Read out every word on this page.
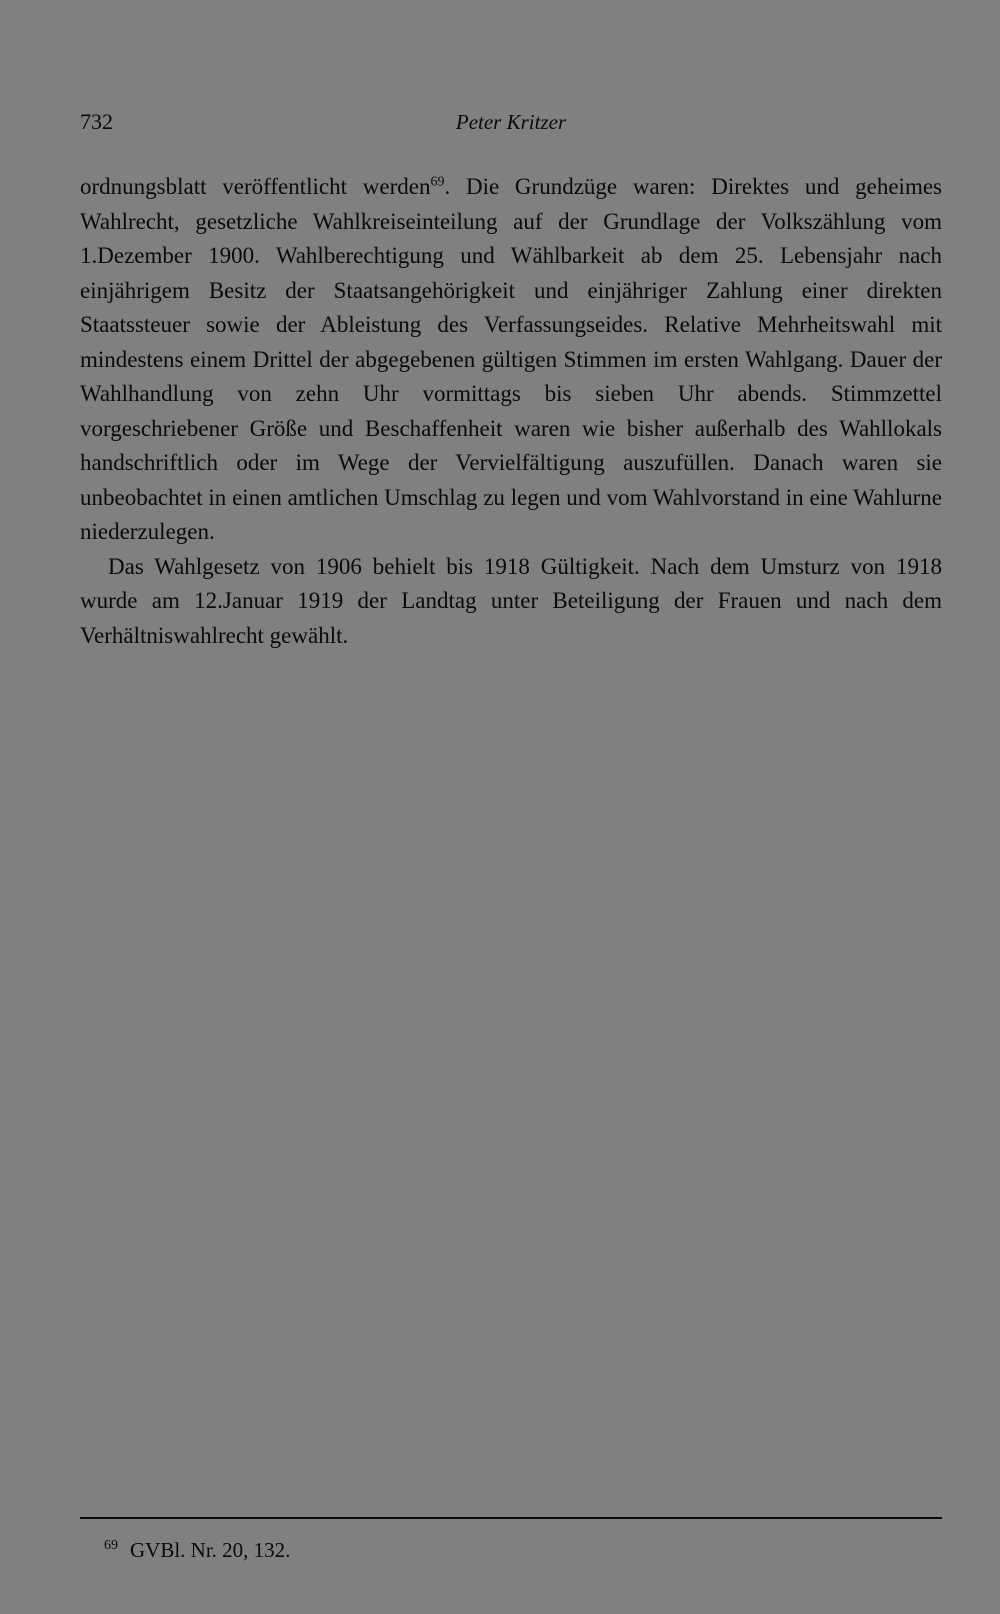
732	Peter Kritzer

ordnungsblatt veröffentlicht werden$^{69}$. Die Grundzüge waren: Direktes und geheimes Wahlrecht, gesetzliche Wahlkreiseinteilung auf der Grundlage der Volkszählung vom 1.Dezember 1900. Wahlberechtigung und Wählbarkeit ab dem 25. Lebensjahr nach einjährigem Besitz der Staatsangehörigkeit und einjähriger Zahlung einer direkten Staatssteuer sowie der Ableistung des Verfassungseides. Relative Mehrheitswahl mit mindestens einem Drittel der abgegebenen gültigen Stimmen im ersten Wahlgang. Dauer der Wahlhandlung von zehn Uhr vormittags bis sieben Uhr abends. Stimmzettel vorgeschriebener Größe und Beschaffenheit waren wie bisher außerhalb des Wahllokals handschriftlich oder im Wege der Vervielfältigung auszufüllen. Danach waren sie unbeobachtet in einen amtlichen Umschlag zu legen und vom Wahlvorstand in eine Wahlurne niederzulegen.

Das Wahlgesetz von 1906 behielt bis 1918 Gültigkeit. Nach dem Umsturz von 1918 wurde am 12.Januar 1919 der Landtag unter Beteiligung der Frauen und nach dem Verhältniswahlrecht gewählt.

$^{69}$ GVBl. Nr. 20, 132.
